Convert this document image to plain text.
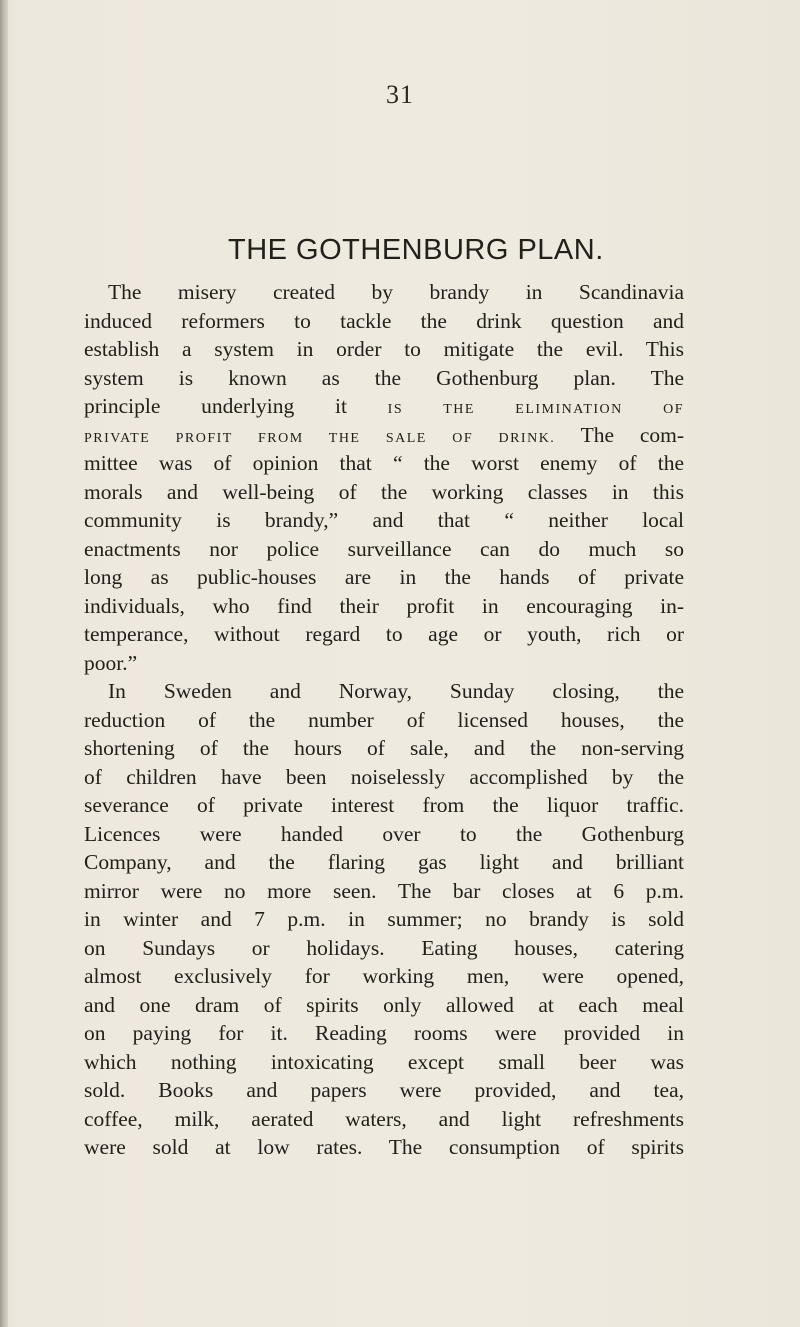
31
THE GOTHENBURG PLAN.
The misery created by brandy in Scandinavia
induced reformers to tackle the drink question and
establish a system in order to mitigate the evil. This
system is known as the Gothenburg plan. The
principle underlying it	IS THE ELIMINATION OF
PRIVATE PROFIT FROM THE SALE OF DRINK. The com-
mittee was of opinion that “ the worst enemy of the
morals and well-being of the working classes in this
community is brandy,” and that “ neither local
enactments nor police surveillance can do much so
long as public-houses are in the hands of private
individuals, who find their profit in encouraging in-
temperance, without regard to age or youth, rich or
poor.”
In Sweden and Norway, Sunday closing, the
reduction of the number of licensed houses, the
shortening of the hours of sale, and the non-serving
of children have been noiselessly accomplished by the
severance of private interest from the liquor traffic.
Licences were handed over to the Gothenburg
Company, and the flaring gas light and brilliant
mirror were no more seen. The bar closes at 6 p.m.
in winter and 7 p.m. in summer; no brandy is sold
on Sundays or holidays. Eating houses, catering
almost exclusively for working men, were opened,
and one dram of spirits only allowed at each meal
on paying for it. Reading rooms were provided in
which nothing intoxicating except small beer was
sold. Books and papers were provided, and tea,
coffee, milk, aerated waters, and light refreshments
were sold at low rates. The consumption of spirits
